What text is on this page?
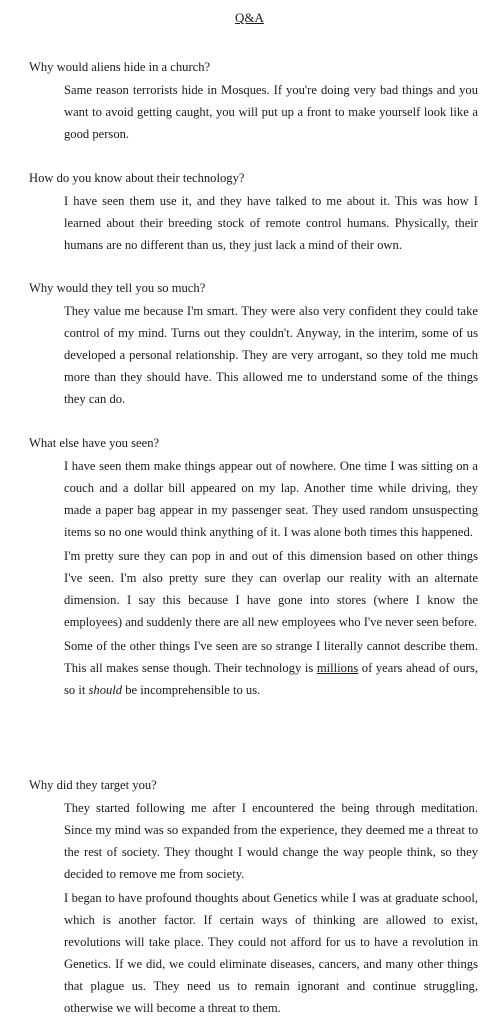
Q&A
Why would aliens hide in a church?

Same reason terrorists hide in Mosques. If you're doing very bad things and you want to avoid getting caught, you will put up a front to make yourself look like a good person.

How do you know about their technology?

I have seen them use it, and they have talked to me about it. This was how I learned about their breeding stock of remote control humans. Physically, their humans are no different than us, they just lack a mind of their own.

Why would they tell you so much?

They value me because I'm smart. They were also very confident they could take control of my mind. Turns out they couldn't. Anyway, in the interim, some of us developed a personal relationship. They are very arrogant, so they told me much more than they should have. This allowed me to understand some of the things they can do.

What else have you seen?

I have seen them make things appear out of nowhere. One time I was sitting on a couch and a dollar bill appeared on my lap. Another time while driving, they made a paper bag appear in my passenger seat. They used random unsuspecting items so no one would think anything of it. I was alone both times this happened.

I'm pretty sure they can pop in and out of this dimension based on other things I've seen. I'm also pretty sure they can overlap our reality with an alternate dimension. I say this because I have gone into stores (where I know the employees) and suddenly there are all new employees who I've never seen before.

Some of the other things I've seen are so strange I literally cannot describe them. This all makes sense though. Their technology is millions of years ahead of ours, so it should be incomprehensible to us.

Why did they target you?

They started following me after I encountered the being through meditation. Since my mind was so expanded from the experience, they deemed me a threat to the rest of society. They thought I would change the way people think, so they decided to remove me from society.

I began to have profound thoughts about Genetics while I was at graduate school, which is another factor. If certain ways of thinking are allowed to exist, revolutions will take place. They could not afford for us to have a revolution in Genetics. If we did, we could eliminate diseases, cancers, and many other things that plague us. They need us to remain ignorant and continue struggling, otherwise we will become a threat to them.
